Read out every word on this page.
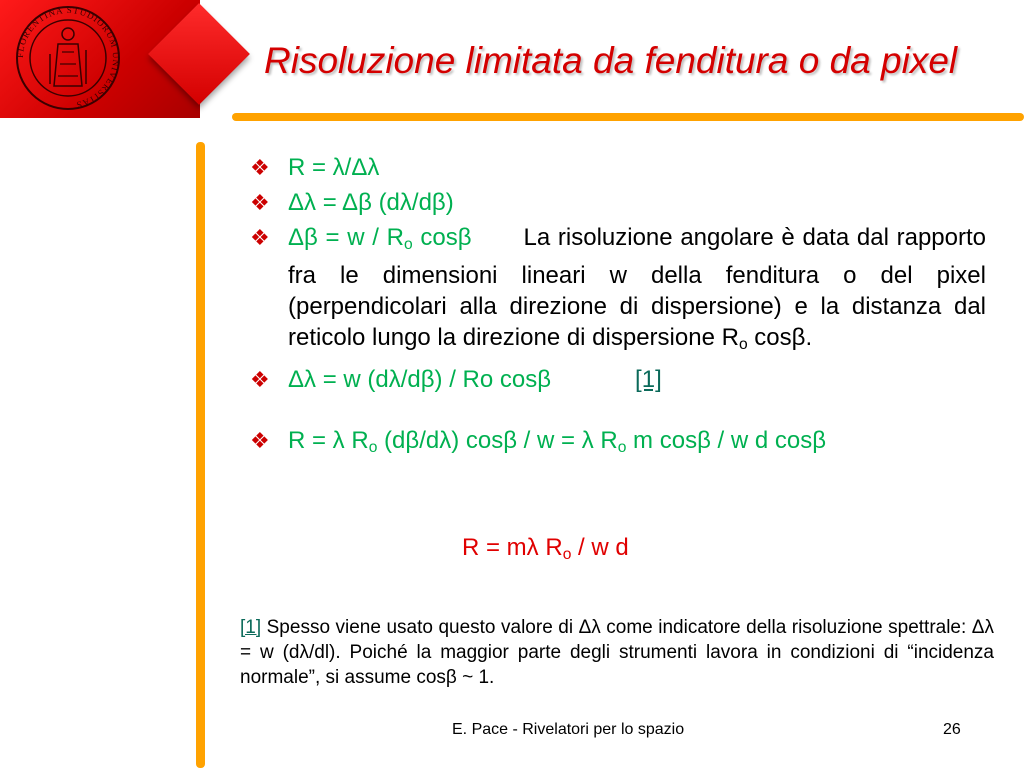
FLORENTINA STUDIORUM UNIVERSITAS
Risoluzione limitata da fenditura o da pixel
❖ R = λ/Δλ
❖ Δλ = Δβ (dλ/dβ)
❖ $\Delta\beta = w / R_o$ cosβ La risoluzione angolare è data dal rapporto fra le dimensioni lineari w della fenditura o del pixel (perpendicolari alla direzione di dispersione) e la distanza dal reticolo lungo la direzione di dispersione $R_o$ cosβ.
❖ Δλ = w (dλ/dβ) / Ro cosβ	[1]
❖ R = λ $R_o$ (dβ/dλ) cosβ / w = λ $R_o$ m cosβ / w d cosβ
R = mλ $R_o$ / w d
[1] Spesso viene usato questo valore di Δλ come indicatore della risoluzione spettrale: Δλ = w (dλ/dl). Poiché la maggior parte degli strumenti lavora in condizioni di “incidenza normale”, si assume cosβ ~ 1.
E. Pace - Rivelatori per lo spazio	26
